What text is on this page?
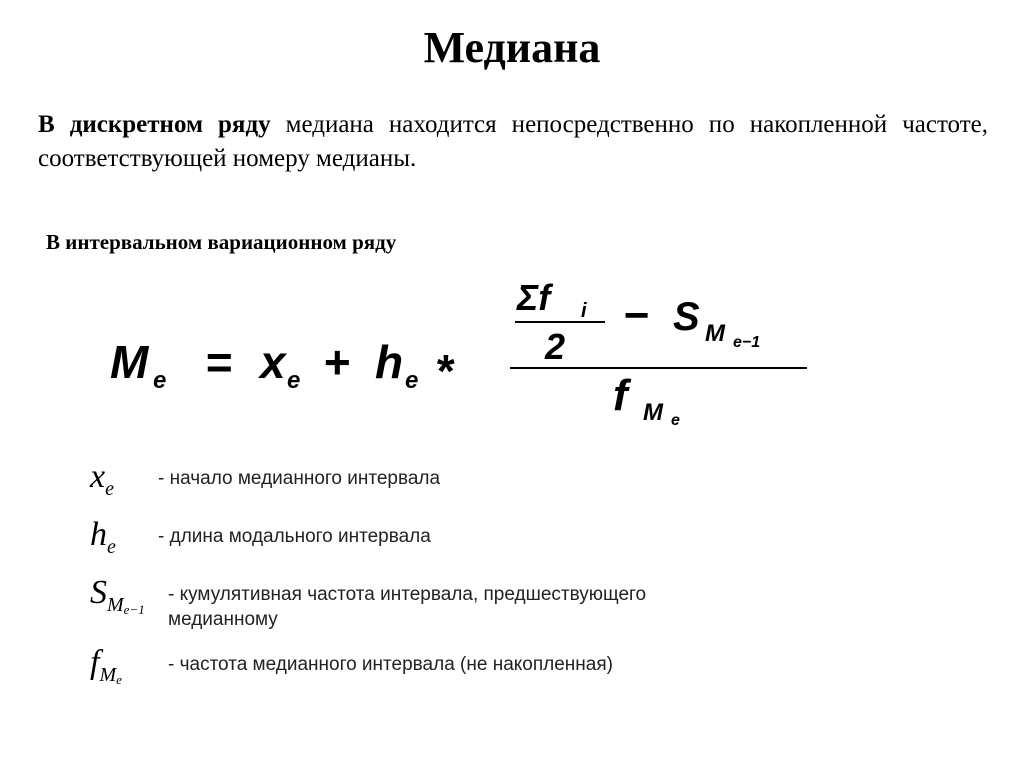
Медиана
В дискретном ряду медиана находится непосредственно по накопленной частоте, соответствующей номеру медианы.
В интервальном вариационном ряду
M e = x e + h e *
Σf i
2
− S M e−1
f M e
$x_e$	- начало медианного интервала
$h_e$	- длина модального интервала
$S_{M_{e-1}}$
- кумулятивная частота интервала, предшествующего медианному
$f_{M_e}$
- частота медианного интервала (не накопленная)
